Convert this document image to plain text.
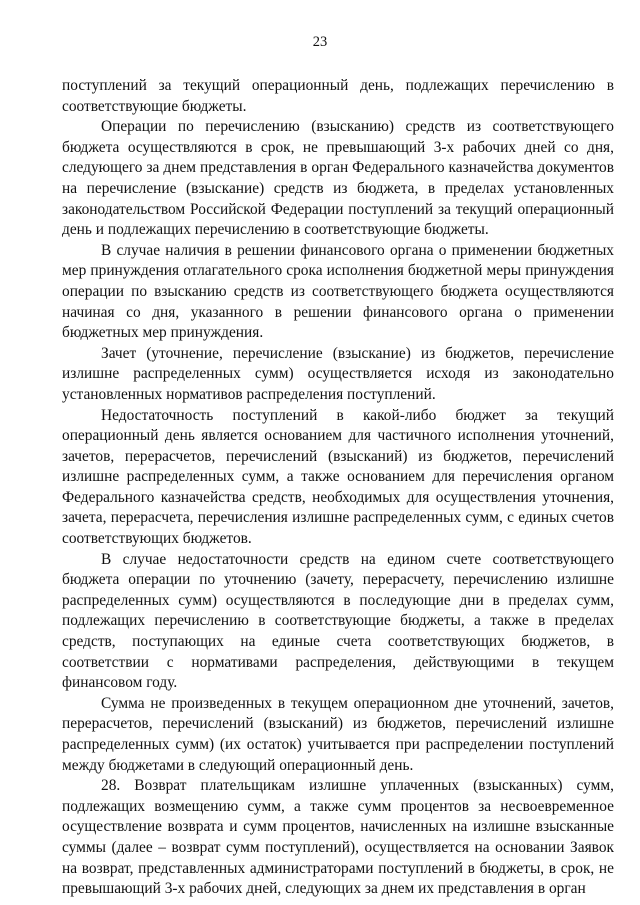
23

поступлений за текущий операционный день, подлежащих перечислению в соответствующие бюджеты.

Операции по перечислению (взысканию) средств из соответствующего бюджета осуществляются в срок, не превышающий 3-х рабочих дней со дня, следующего за днем представления в орган Федерального казначейства документов на перечисление (взыскание) средств из бюджета, в пределах установленных законодательством Российской Федерации поступлений за текущий операционный день и подлежащих перечислению в соответствующие бюджеты.

В случае наличия в решении финансового органа о применении бюджетных мер принуждения отлагательного срока исполнения бюджетной меры принуждения операции по взысканию средств из соответствующего бюджета осуществляются начиная со дня, указанного в решении финансового органа о применении бюджетных мер принуждения.

Зачет (уточнение, перечисление (взыскание) из бюджетов, перечисление излишне распределенных сумм) осуществляется исходя из законодательно установленных нормативов распределения поступлений.

Недостаточность поступлений в какой-либо бюджет за текущий операционный день является основанием для частичного исполнения уточнений, зачетов, перерасчетов, перечислений (взысканий) из бюджетов, перечислений излишне распределенных сумм, а также основанием для перечисления органом Федерального казначейства средств, необходимых для осуществления уточнения, зачета, перерасчета, перечисления излишне распределенных сумм, с единых счетов соответствующих бюджетов.

В случае недостаточности средств на едином счете соответствующего бюджета операции по уточнению (зачету, перерасчету, перечислению излишне распределенных сумм) осуществляются в последующие дни в пределах сумм, подлежащих перечислению в соответствующие бюджеты, а также в пределах средств, поступающих на единые счета соответствующих бюджетов, в соответствии с нормативами распределения, действующими в текущем финансовом году.

Сумма не произведенных в текущем операционном дне уточнений, зачетов, перерасчетов, перечислений (взысканий) из бюджетов, перечислений излишне распределенных сумм) (их остаток) учитывается при распределении поступлений между бюджетами в следующий операционный день.

28. Возврат плательщикам излишне уплаченных (взысканных) сумм, подлежащих возмещению сумм, а также сумм процентов за несвоевременное осуществление возврата и сумм процентов, начисленных на излишне взысканные суммы (далее – возврат сумм поступлений), осуществляется на основании Заявок на возврат, представленных администраторами поступлений в бюджеты, в срок, не превышающий 3-х рабочих дней, следующих за днем их представления в орган
